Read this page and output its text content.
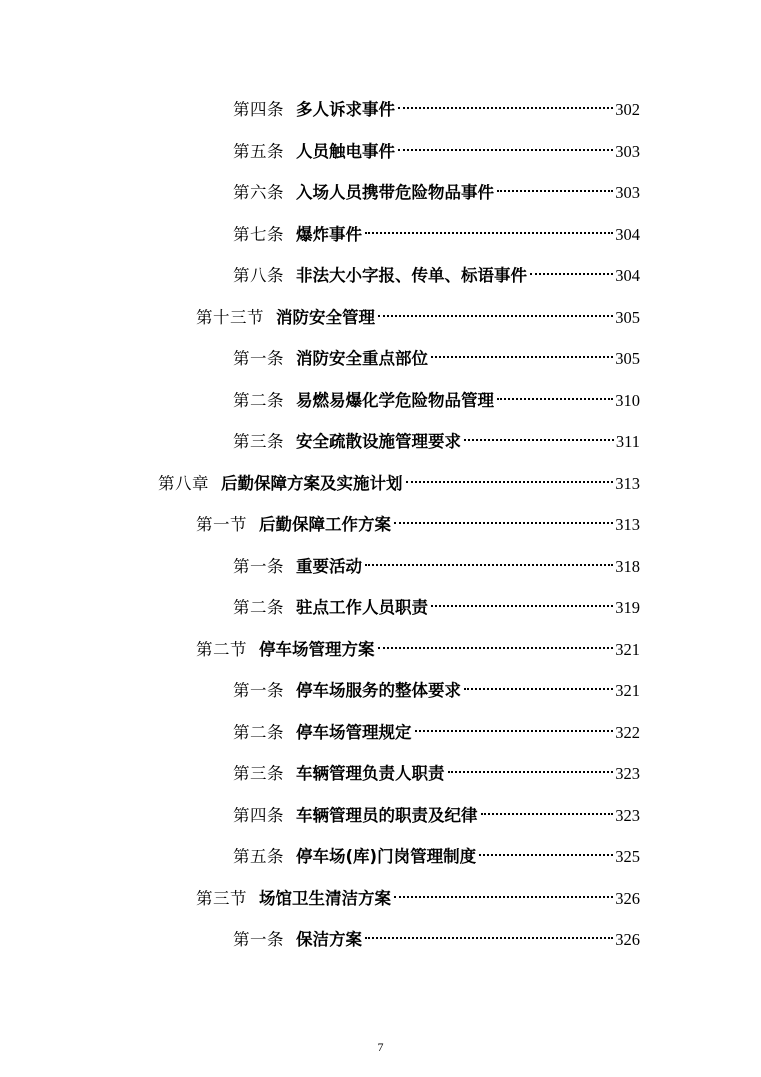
第四条 多人诉求事件	302
第五条 人员触电事件	303
第六条 入场人员携带危险物品事件	303
第七条 爆炸事件	304
第八条 非法大小字报、传单、标语事件	304
第十三节 消防安全管理	305
第一条 消防安全重点部位	305
第二条 易燃易爆化学危险物品管理	310
第三条 安全疏散设施管理要求	311
第八章 后勤保障方案及实施计划	313
第一节 后勤保障工作方案	313
第一条 重要活动	318
第二条 驻点工作人员职责	319
第二节 停车场管理方案	321
第一条 停车场服务的整体要求	321
第二条 停车场管理规定	322
第三条 车辆管理负责人职责	323
第四条 车辆管理员的职责及纪律	323
第五条 停车场(库)门岗管理制度	325
第三节 场馆卫生清洁方案	326
第一条 保洁方案	326
7
